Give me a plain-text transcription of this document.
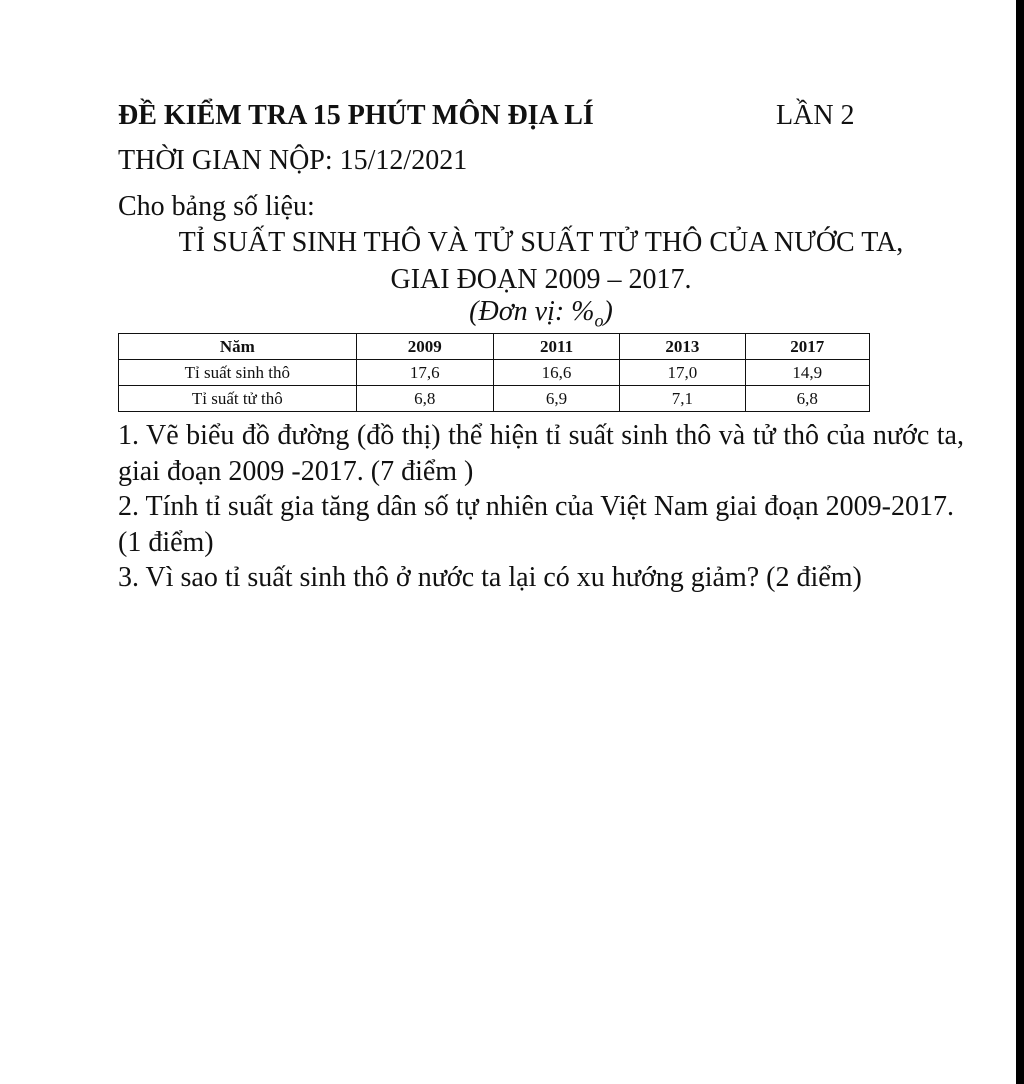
ĐỀ KIỂM TRA 15 PHÚT MÔN ĐỊA LÍ	LẦN 2
THỜI GIAN NỘP: 15/12/2021
Cho bảng số liệu:
TỈ SUẤT SINH THÔ VÀ TỬ SUẤT TỬ THÔ CỦA NƯỚC TA,
GIAI ĐOẠN 2009 – 2017.
(Đơn vị: $\%_o$)
Năm	2009	2011	2013	2017
Tỉ suất sinh thô	17,6	16,6	17,0	14,9
Tỉ suất tử thô	6,8	6,9	7,1	6,8

1. Vẽ biểu đồ đường (đồ thị) thể hiện tỉ suất sinh thô và tử thô của nước ta, giai đoạn 2009 -2017. (7 điểm )

2. Tính tỉ suất gia tăng dân số tự nhiên của Việt Nam giai đoạn 2009-2017. (1 điểm)

3. Vì sao tỉ suất sinh thô ở nước ta lại có xu hướng giảm? (2 điểm)
